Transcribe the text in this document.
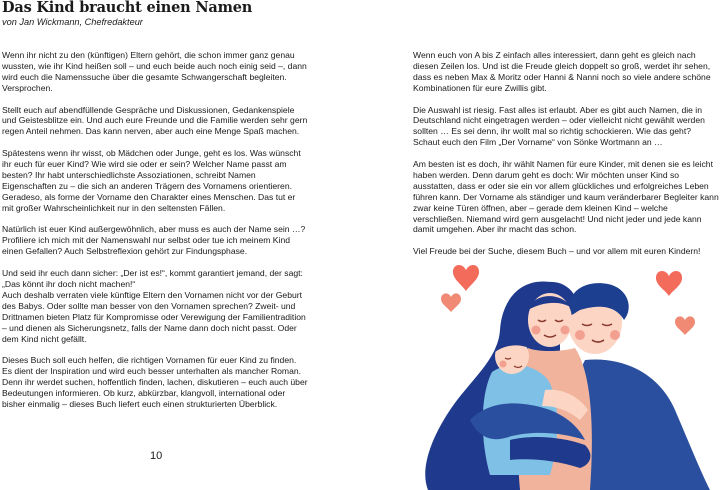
Das Kind braucht einen Namen

von Jan Wickmann, Chefredakteur

Wenn ihr nicht zu den (künftigen) Eltern gehört, die schon immer ganz genau wussten, wie ihr Kind heißen soll – und euch beide auch noch einig seid –, dann wird euch die Namenssuche über die gesamte Schwangerschaft begleiten. Versprochen.

Stellt euch auf abendfüllende Gespräche und Diskussionen, Gedankenspiele und Geistesblitze ein. Und auch eure Freunde und die Familie werden sehr gern regen Anteil nehmen. Das kann nerven, aber auch eine Menge Spaß machen.

Spätestens wenn ihr wisst, ob Mädchen oder Junge, geht es los. Was wünscht ihr euch für euer Kind? Wie wird sie oder er sein? Welcher Name passt am besten? Ihr habt unterschiedlichste Assoziationen, schreibt Namen Eigenschaften zu – die sich an anderen Trägern des Vornamens orientieren. Geradeso, als forme der Vorname den Charakter eines Menschen. Das tut er mit großer Wahrscheinlichkeit nur in den seltensten Fällen.

Natürlich ist euer Kind außergewöhnlich, aber muss es auch der Name sein …? Profiliere ich mich mit der Namenswahl nur selbst oder tue ich meinem Kind einen Gefallen? Auch Selbstreflexion gehört zur Findungsphase.

Und seid ihr euch dann sicher: „Der ist es!“, kommt garantiert jemand, der sagt: „Das könnt ihr doch nicht machen!“
Auch deshalb verraten viele künftige Eltern den Vornamen nicht vor der Geburt des Babys. Oder sollte man besser von den Vornamen sprechen? Zweit- und Drittnamen bieten Platz für Kompromisse oder Verewigung der Familientradition – und dienen als Sicherungsnetz, falls der Name dann doch nicht passt. Oder dem Kind nicht gefällt.

Dieses Buch soll euch helfen, die richtigen Vornamen für euer Kind zu finden. Es dient der Inspiration und wird euch besser unterhalten als mancher Roman. Denn ihr werdet suchen, hoffentlich finden, lachen, diskutieren – euch auch über Bedeutungen informieren. Ob kurz, abkürzbar, klangvoll, international oder bisher einmalig – dieses Buch liefert euch einen strukturierten Überblick.

Wenn euch von A bis Z einfach alles interessiert, dann geht es gleich nach diesen Zeilen los. Und ist die Freude gleich doppelt so groß, werdet ihr sehen, dass es neben Max & Moritz oder Hanni & Nanni noch so viele andere schöne Kombinationen für eure Zwillis gibt.

Die Auswahl ist riesig. Fast alles ist erlaubt. Aber es gibt auch Namen, die in Deutschland nicht eingetragen werden – oder vielleicht nicht gewählt werden sollten … Es sei denn, ihr wollt mal so richtig schockieren. Wie das geht? Schaut euch den Film „Der Vorname“ von Sönke Wortmann an …

Am besten ist es doch, ihr wählt Namen für eure Kinder, mit denen sie es leicht haben werden. Denn darum geht es doch: Wir möchten unser Kind so ausstatten, dass er oder sie ein vor allem glückliches und erfolgreiches Leben führen kann. Der Vorname als ständiger und kaum veränderbarer Begleiter kann zwar keine Türen öffnen, aber – gerade dem kleinen Kind – welche verschließen. Niemand wird gern ausgelacht! Und nicht jeder und jede kann damit umgehen. Aber ihr macht das schon.

Viel Freude bei der Suche, diesem Buch – und vor allem mit euren Kindern!

10
